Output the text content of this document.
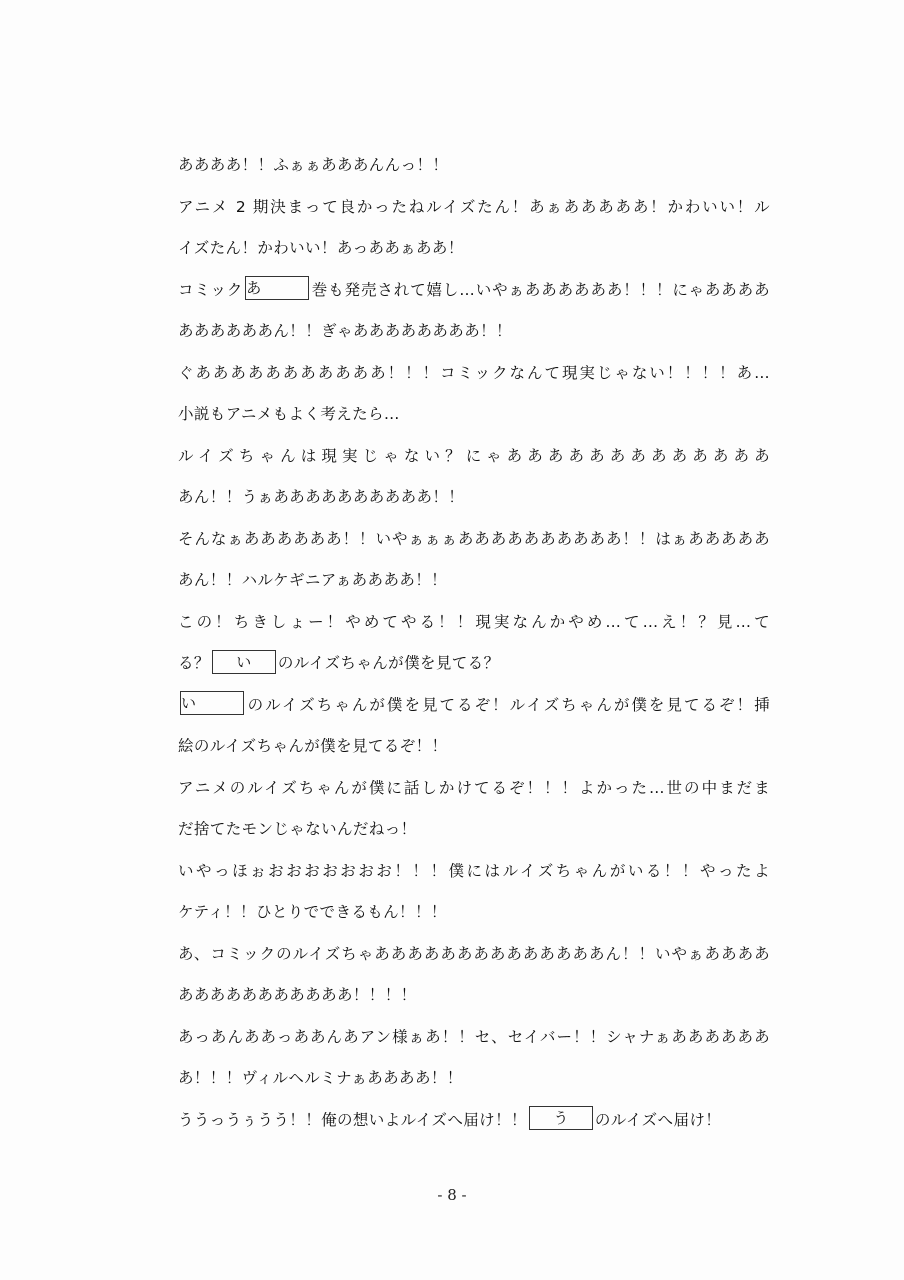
ああああ！！ふぁぁあああんんっ！！
アニメ 2 期決まって良かったねルイズたん！あぁあああああ！かわいい！ル
イズたん！かわいい！あっああぁああ！
コミック あ	巻も発売されて嬉し…いやぁああああああ！！！にゃああああ
ああああああん！！ぎゃああああああああ！！
ぐあああああああああああ！！！コミックなんて現実じゃない！！！！あ…
小説もアニメもよく考えたら…
ルイズちゃんは現実じゃない？にゃあああああああああああああ
あん！！うぁああああああああああ！！
そんなぁああああああ！！いやぁぁぁああああああああああ！！はぁあああああ
あん！！ハルケギニアぁああああ！！
この！ちきしょー！やめてやる！！現実なんかやめ…て…え！？見…て
る？ い のルイズちゃんが僕を見てる？
い	のルイズちゃんが僕を見てるぞ！ルイズちゃんが僕を見てるぞ！挿
絵のルイズちゃんが僕を見てるぞ！！
アニメのルイズちゃんが僕に話しかけてるぞ！！！よかった…世の中まだま
だ捨てたモンじゃないんだねっ！
いやっほぉおおおおおおお！！！僕にはルイズちゃんがいる！！やったよ
ケティ！！ひとりでできるもん！！！
あ、コミックのルイズちゃああああああああああああああん！！いやぁああああ
あああああああああああ！！！！
あっあんああっああんあアン様ぁあ！！セ、セイバー！！シャナぁああああああ
あ！！！ヴィルヘルミナぁああああ！！
ううっうぅうう！！俺の想いよルイズへ届け！！ う のルイズへ届け！
- 8 -
